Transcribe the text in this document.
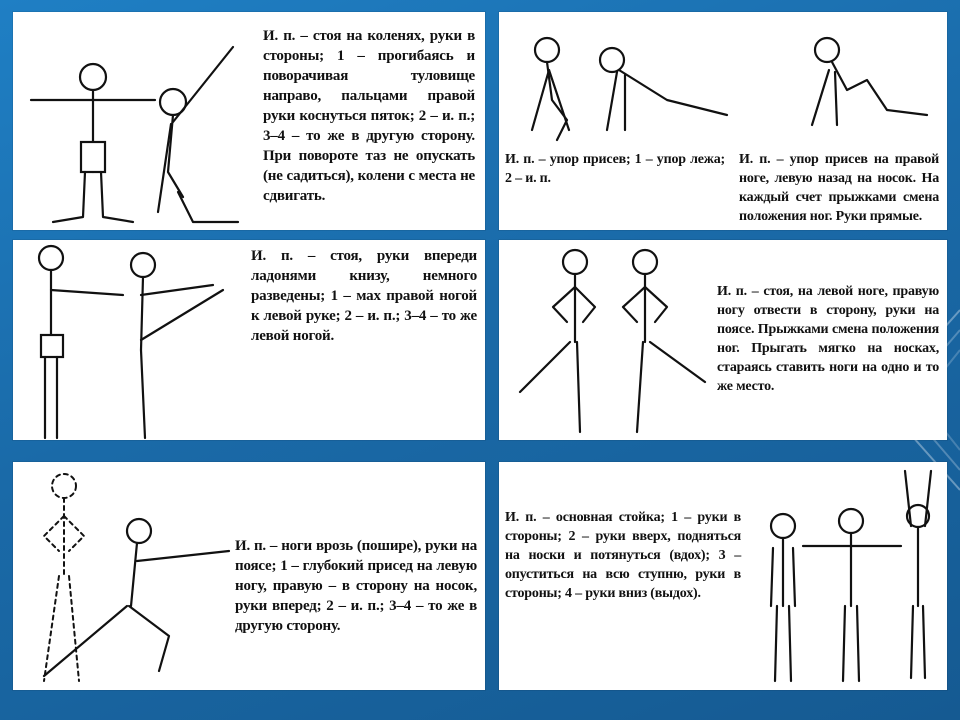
И. п. – стоя на коленях, руки в стороны; 1 – прогибаясь и поворачивая туловище направо, пальцами правой руки коснуться пяток; 2 – и. п.; 3–4 – то же в другую сторону. При повороте таз не опускать (не садиться), колени с места не сдвигать.
И. п. – упор присев; 1 – упор лежа; 2 – и. п.
И. п. – упор присев на правой ноге, левую назад на носок. На каждый счет прыжками смена положения ног. Руки прямые.
И. п. – стоя, руки впереди ладонями книзу, немного разведены; 1 – мах правой ногой к левой руке; 2 – и. п.; 3–4 – то же левой ногой.
И. п. – стоя, на левой ноге, правую ногу отвести в сторону, руки на поясе. Прыжками смена положения ног. Прыгать мягко на носках, стараясь ставить ноги на одно и то же место.
И. п. – ноги врозь (пошире), руки на поясе; 1 – глубокий присед на левую ногу, правую – в сторону на носок, руки вперед; 2 – и. п.; 3–4 – то же в другую сторону.
И. п. – основная стойка; 1 – руки в стороны; 2 – руки вверх, подняться на носки и потянуться (вдох); 3 – опуститься на всю ступню, руки в стороны; 4 – руки вниз (выдох).
